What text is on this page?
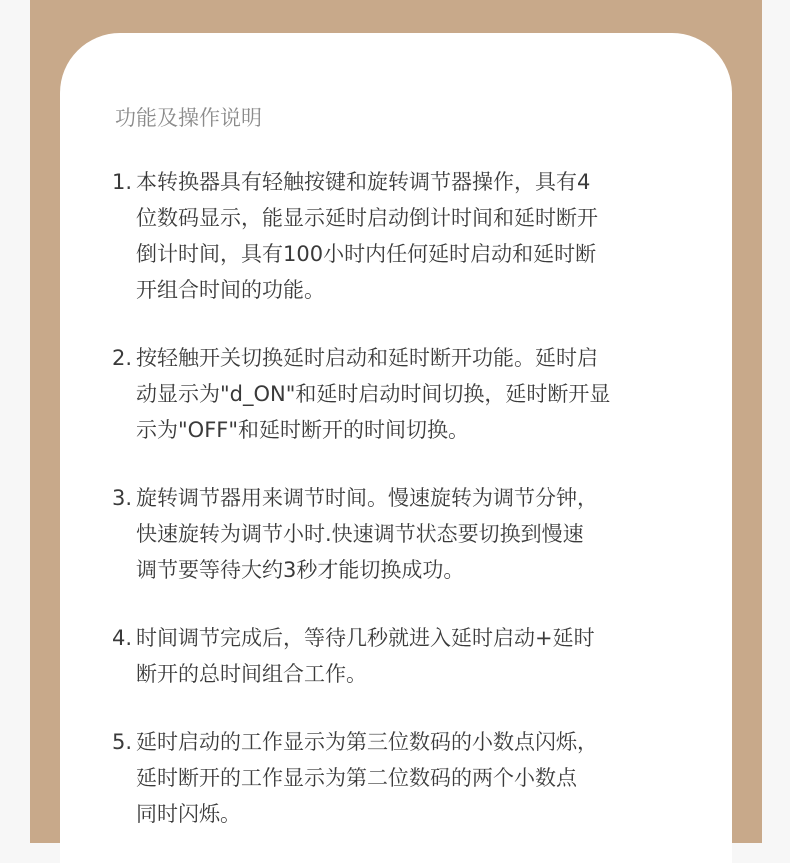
功能及操作说明
1. 本转换器具有轻触按键和旋转调节器操作，具有4
位数码显示，能显示延时启动倒计时间和延时断开
倒计时间，具有100小时内任何延时启动和延时断
开组合时间的功能。
2. 按轻触开关切换延时启动和延时断开功能。延时启
动显示为"d_ON"和延时启动时间切换，延时断开显
示为"OFF"和延时断开的时间切换。
3. 旋转调节器用来调节时间。慢速旋转为调节分钟，
快速旋转为调节小时.快速调节状态要切换到慢速
调节要等待大约3秒才能切换成功。
4. 时间调节完成后，等待几秒就进入延时启动+延时
断开的总时间组合工作。
5. 延时启动的工作显示为第三位数码的小数点闪烁，
延时断开的工作显示为第二位数码的两个小数点
同时闪烁。
